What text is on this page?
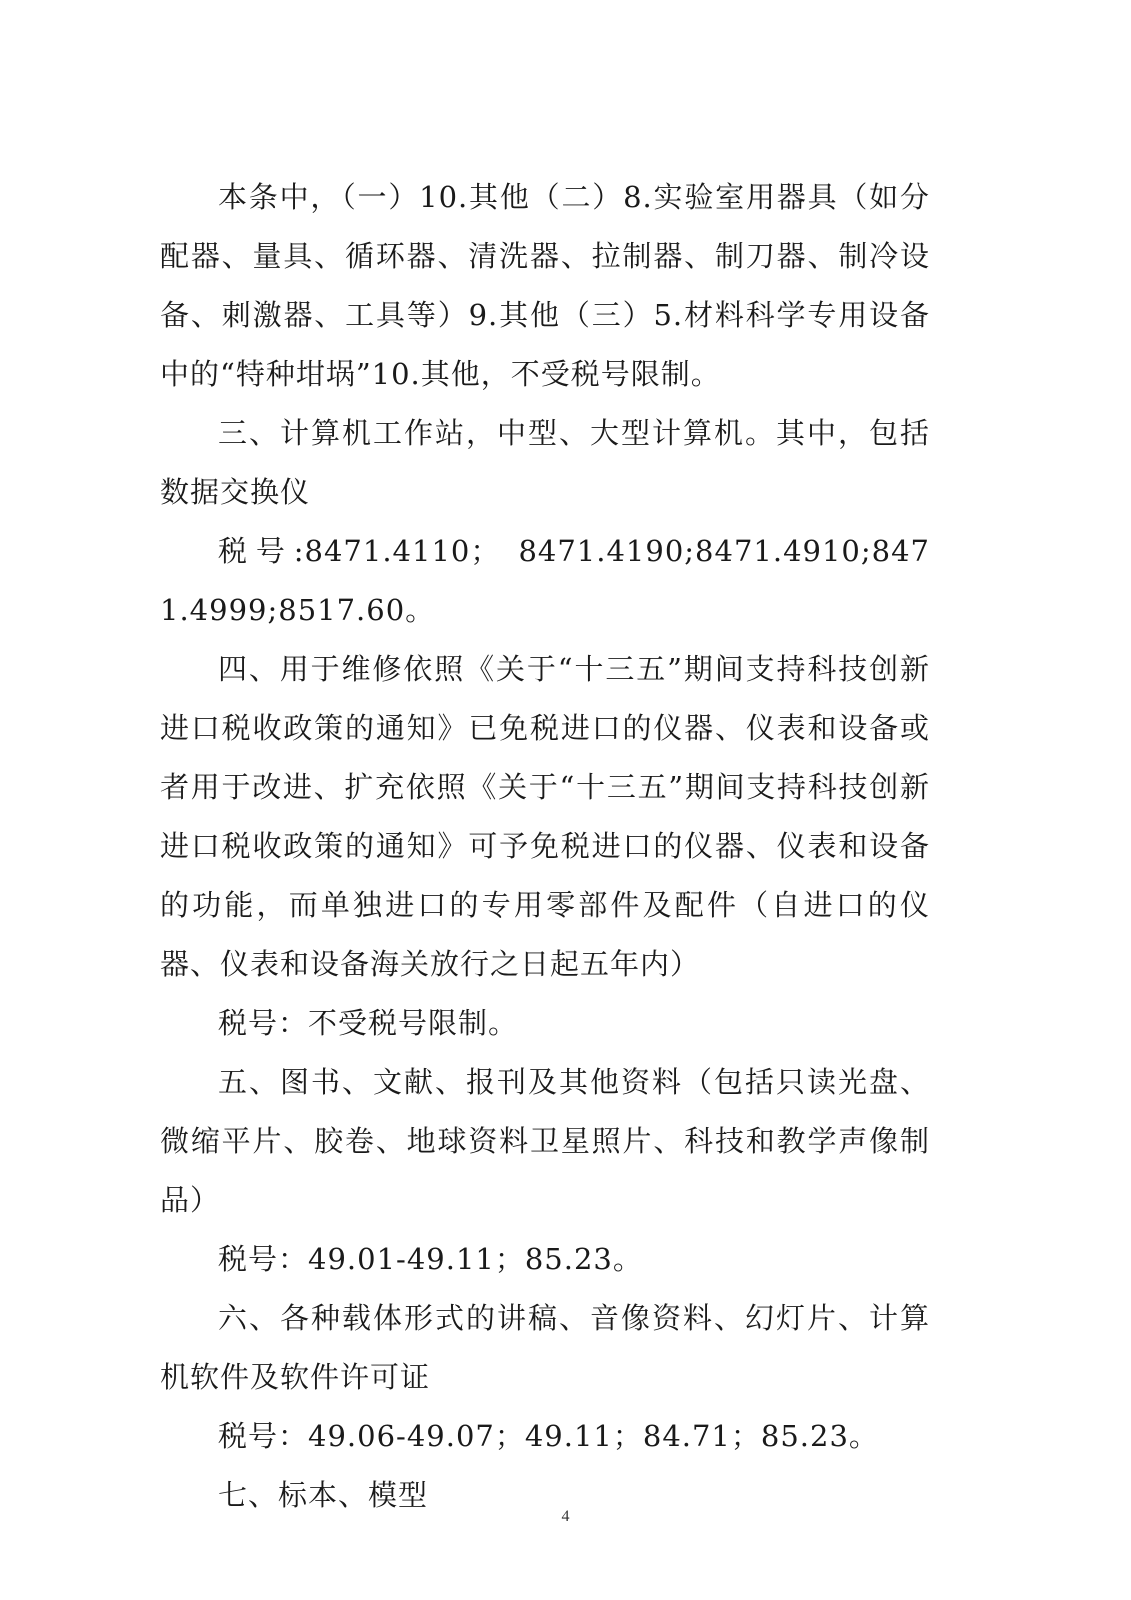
本条中，（一）10.其他（二）8.实验室用器具（如分配器、量具、循环器、清洗器、拉制器、制刀器、制冷设备、刺激器、工具等）9.其他（三）5.材料科学专用设备中的“特种坩埚”10.其他，不受税号限制。

三、计算机工作站，中型、大型计算机。其中，包括数据交换仪

税号:8471.4110； 8471.4190;8471.4910;8471.4999;8517.60。

四、用于维修依照《关于“十三五”期间支持科技创新进口税收政策的通知》已免税进口的仪器、仪表和设备或者用于改进、扩充依照《关于“十三五”期间支持科技创新进口税收政策的通知》可予免税进口的仪器、仪表和设备的功能，而单独进口的专用零部件及配件（自进口的仪器、仪表和设备海关放行之日起五年内）

税号：不受税号限制。

五、图书、文献、报刊及其他资料（包括只读光盘、微缩平片、胶卷、地球资料卫星照片、科技和教学声像制品）

税号：49.01-49.11；85.23。

六、各种载体形式的讲稿、音像资料、幻灯片、计算机软件及软件许可证

税号：49.06-49.07；49.11；84.71；85.23。

七、标本、模型

4
